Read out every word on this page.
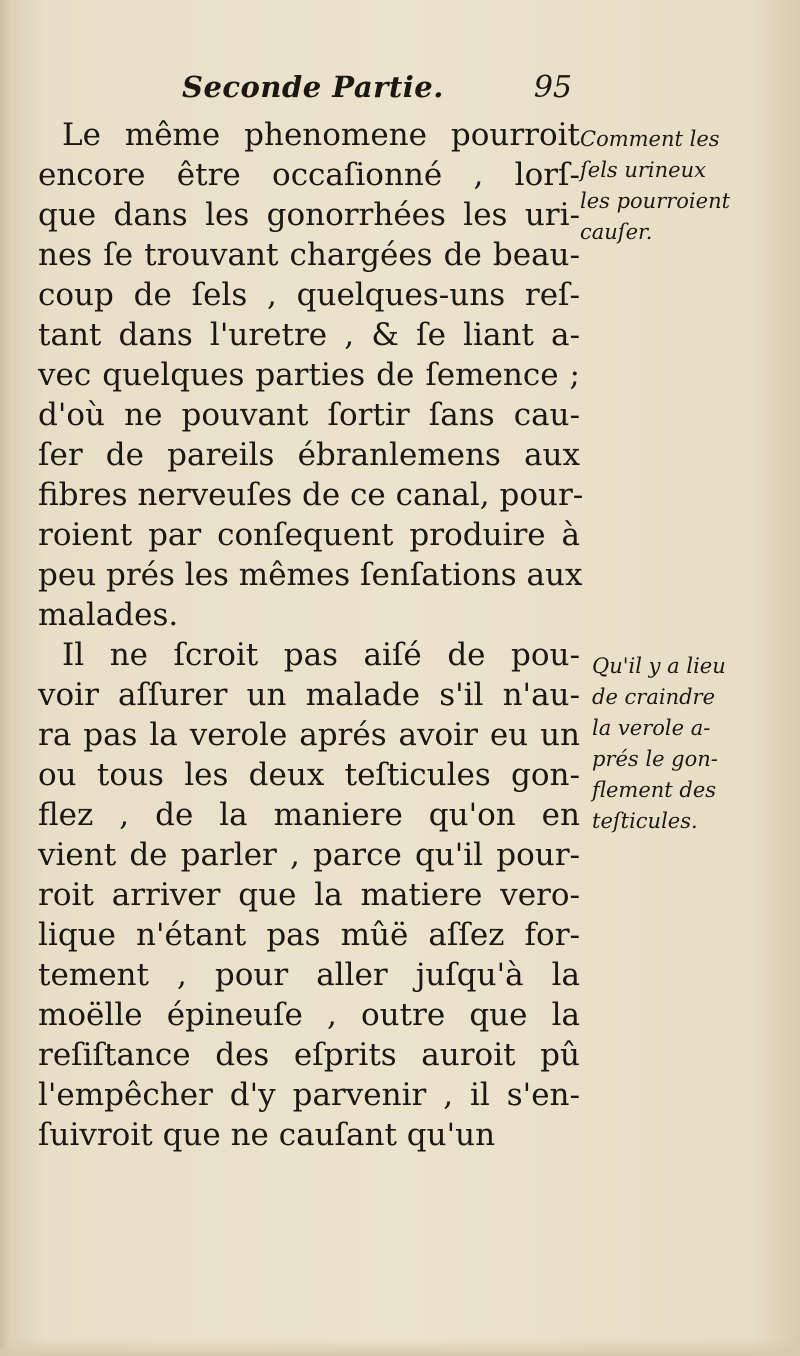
Seconde Partie.	95
Le même phenomene pourroit
encore être occaſionné , lorſ-
que dans les gonorrhées les uri-
nes ſe trouvant chargées de beau-
coup de ſels , quelques-uns reſ-
tant dans l'uretre , & ſe liant a-
vec quelques parties de ſemence ;
d'où ne pouvant ſortir ſans cau-
ſer de pareils ébranlemens aux
fibres nerveuſes de ce canal, pour-
roient par conſequent produire à
peu prés les mêmes ſenſations aux
malades.
Il ne ſcroit pas aiſé de pou-
voir aſſurer un malade s'il n'au-
ra pas la verole aprés avoir eu un
ou tous les deux teſticules gon-
flez , de la maniere qu'on en
vient de parler , parce qu'il pour-
roit arriver que la matiere vero-
lique n'étant pas mûë aſſez for-
tement , pour aller juſqu'à la
moëlle épineuſe , outre que la
reſiſtance des eſprits auroit pû
l'empêcher d'y parvenir , il s'en-
ſuivroit que ne cauſant qu'un
Comment les
ſels urineux
les pourroient
cauſer.
Qu'il y a lieu
de craindre
la verole a-
prés le gon-
flement des
teſticules.
